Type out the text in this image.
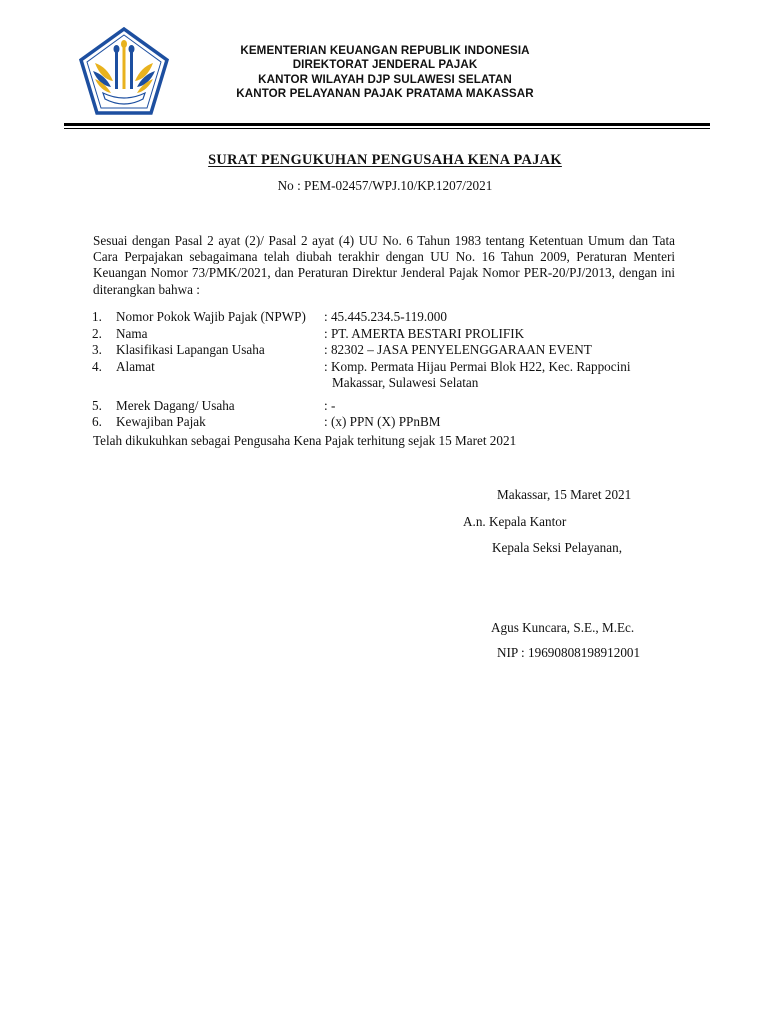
KEMENTERIAN KEUANGAN REPUBLIK INDONESIA
DIREKTORAT JENDERAL PAJAK
KANTOR WILAYAH DJP SULAWESI SELATAN
KANTOR PELAYANAN PAJAK PRATAMA MAKASSAR
SURAT PENGUKUHAN PENGUSAHA KENA PAJAK
No : PEM-02457/WPJ.10/KP.1207/2021
Sesuai dengan Pasal 2 ayat (2)/ Pasal 2 ayat (4) UU No. 6 Tahun 1983 tentang Ketentuan Umum dan Tata Cara Perpajakan sebagaimana telah diubah terakhir dengan UU No. 16 Tahun 2009, Peraturan Menteri Keuangan Nomor 73/PMK/2021, dan Peraturan Direktur Jenderal Pajak Nomor PER-20/PJ/2013, dengan ini diterangkan bahwa :
1.	Nomor Pokok Wajib Pajak (NPWP) : 45.445.234.5-119.000
2.	Nama	: PT. AMERTA BESTARI PROLIFIK
3.	Klasifikasi Lapangan Usaha	: 82302 – JASA PENYELENGGARAAN EVENT
4.	Alamat	: Komp. Permata Hijau Permai Blok H22, Kec. Rappocini
Makassar, Sulawesi Selatan
5.	Merek Dagang/ Usaha	: -
6.	Kewajiban Pajak	: (x) PPN (X) PPnBM
Telah dikukuhkan sebagai Pengusaha Kena Pajak terhitung sejak 15 Maret 2021
Makassar, 15 Maret 2021
A.n. Kepala Kantor
Kepala Seksi Pelayanan,
Agus Kuncara, S.E., M.Ec.
NIP : 19690808198912001
